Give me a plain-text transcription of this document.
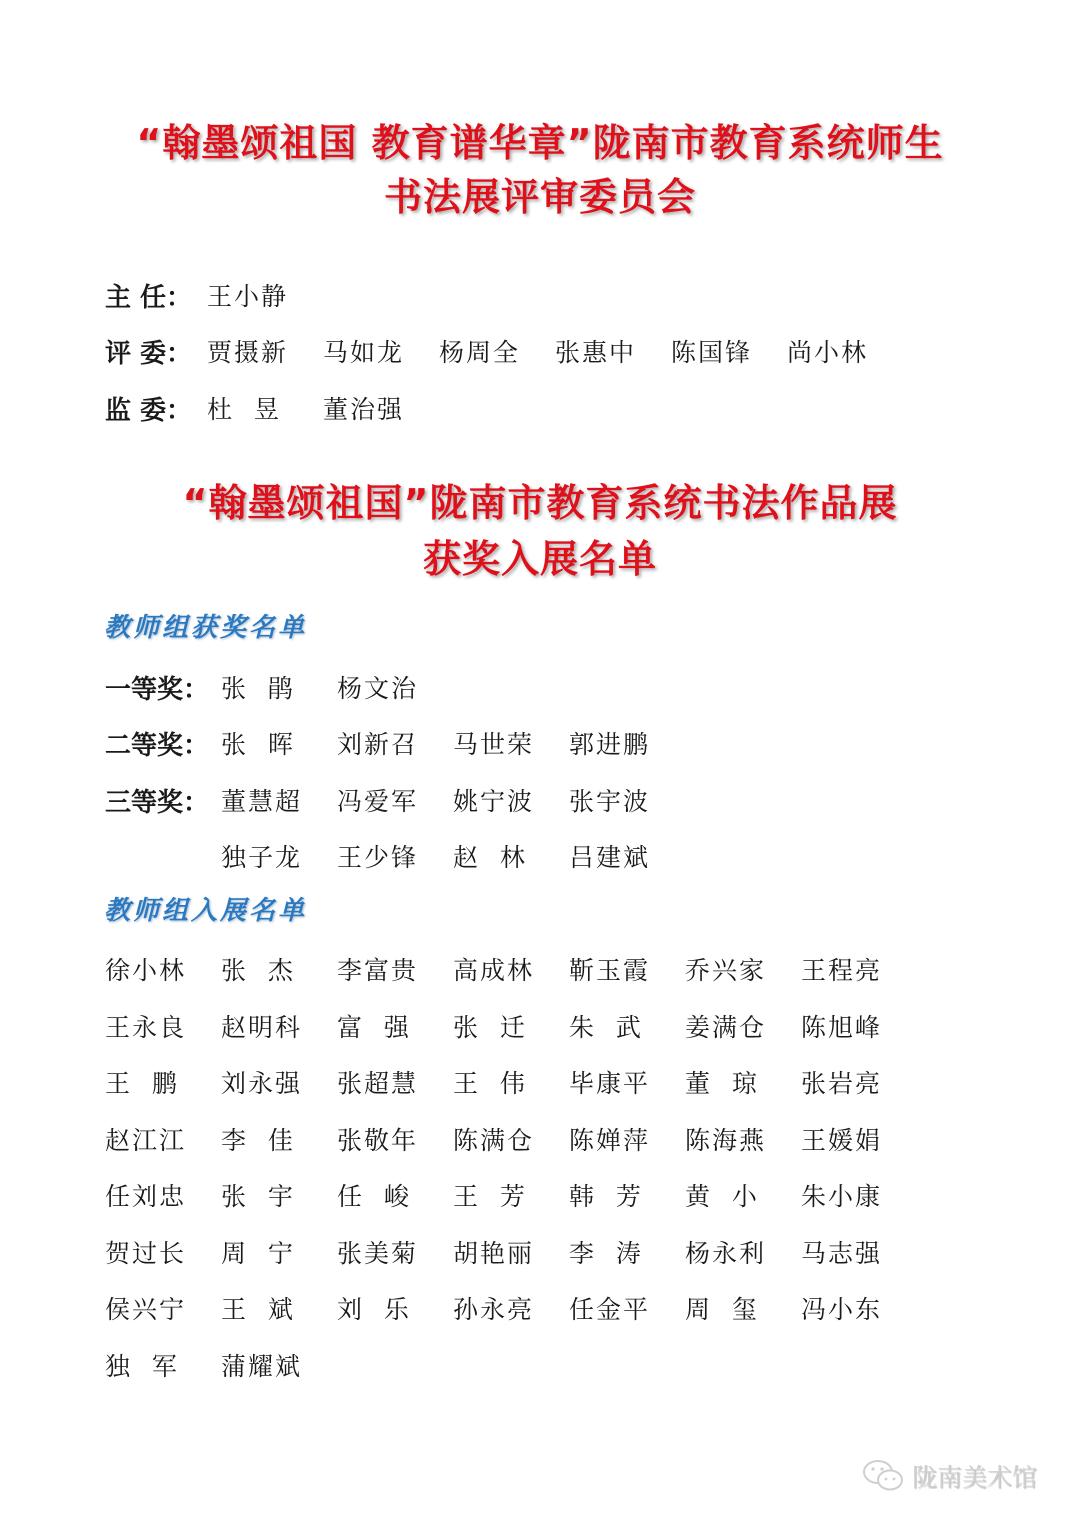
“翰墨颂祖国 教育谱华章”陇南市教育系统师生
书法展评审委员会
主 任： 王小静
评 委： 贾摄新	马如龙	杨周全	张惠中	陈国锋	尚小林
监 委： 杜  昱	董治强
“翰墨颂祖国”陇南市教育系统书法作品展
获奖入展名单
教师组获奖名单
一等奖： 张  鹃	杨文治
二等奖： 张  晖	刘新召	马世荣	郭进鹏
三等奖： 董慧超	冯爱军	姚宁波	张宇波
独子龙	王少锋	赵  林	吕建斌
教师组入展名单
徐小林	张  杰	李富贵	高成林	靳玉霞	乔兴家	王程亮
王永良	赵明科	富  强	张  迁	朱  武	姜满仓	陈旭峰
王  鹏	刘永强	张超慧	王  伟	毕康平	董  琼	张岩亮
赵江江	李  佳	张敬年	陈满仓	陈婵萍	陈海燕	王媛娟
任刘忠	张  宇	任  峻	王  芳	韩  芳	黄  小	朱小康
贺过长	周  宁	张美菊	胡艳丽	李  涛	杨永利	马志强
侯兴宁	王  斌	刘  乐	孙永亮	任金平	周  玺	冯小东
独  军	蒲耀斌
陇南美术馆
